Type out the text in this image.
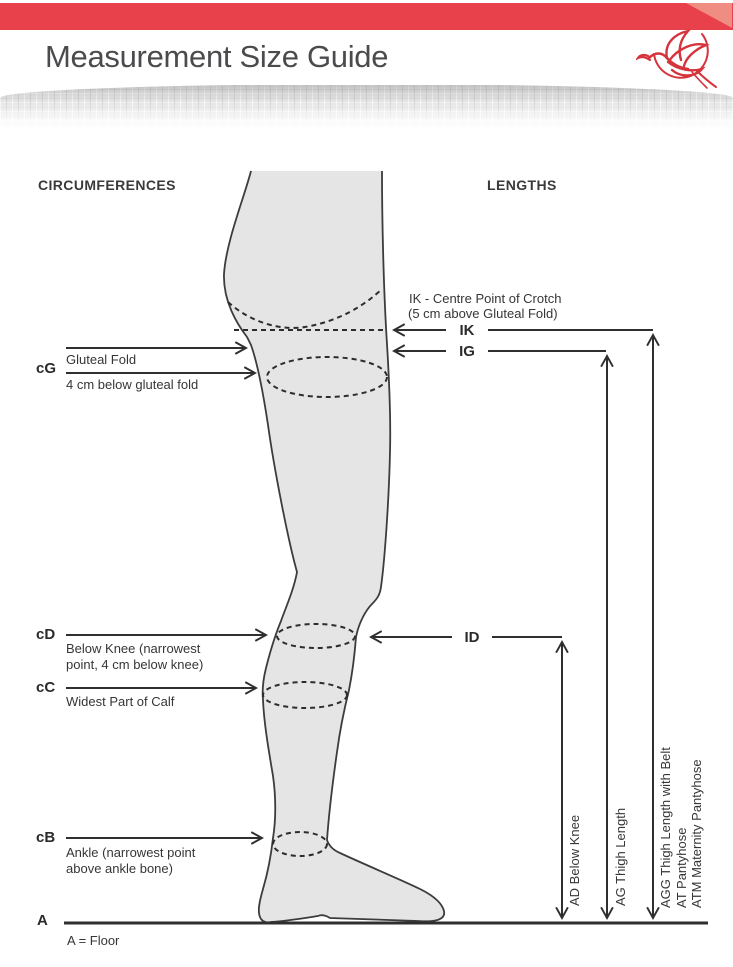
Measurement Size Guide
CIRCUMFERENCES	LENGTHS
cG
Gluteal Fold
4 cm below gluteal fold
cD
Below Knee (narrowest
point, 4 cm below knee)
cC
Widest Part of Calf
cB
Ankle (narrowest point
above ankle bone)
A
A = Floor
IK - Centre Point of Crotch
(5 cm above Gluteal Fold)
IK
IG
ID
AD Below Knee AG Thigh Length AGG Thigh Length with Belt AT Pantyhose ATM Maternity Pantyhose
